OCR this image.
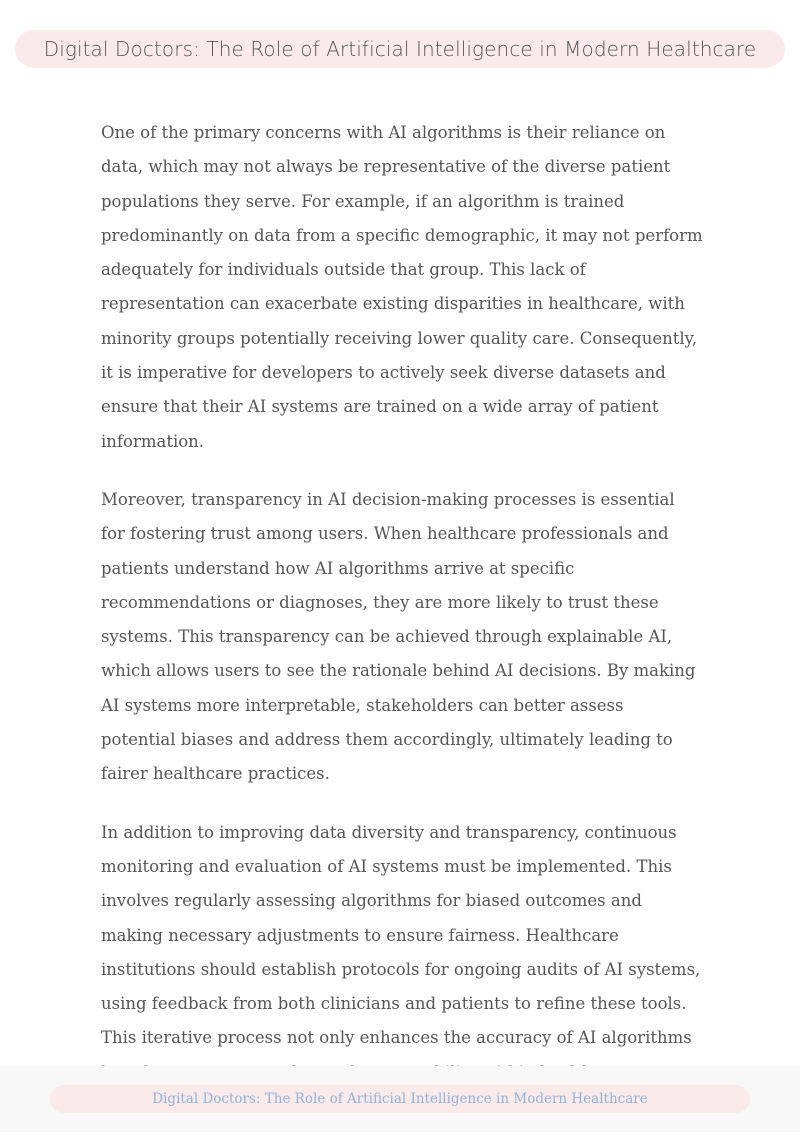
Digital Doctors: The Role of Artificial Intelligence in Modern Healthcare

One of the primary concerns with AI algorithms is their reliance on data, which may not always be representative of the diverse patient populations they serve. For example, if an algorithm is trained predominantly on data from a specific demographic, it may not perform adequately for individuals outside that group. This lack of representation can exacerbate existing disparities in healthcare, with minority groups potentially receiving lower quality care. Consequently, it is imperative for developers to actively seek diverse datasets and ensure that their AI systems are trained on a wide array of patient information.

Moreover, transparency in AI decision-making processes is essential for fostering trust among users. When healthcare professionals and patients understand how AI algorithms arrive at specific recommendations or diagnoses, they are more likely to trust these systems. This transparency can be achieved through explainable AI, which allows users to see the rationale behind AI decisions. By making AI systems more interpretable, stakeholders can better assess potential biases and address them accordingly, ultimately leading to fairer healthcare practices.

In addition to improving data diversity and transparency, continuous monitoring and evaluation of AI systems must be implemented. This involves regularly assessing algorithms for biased outcomes and making necessary adjustments to ensure fairness. Healthcare institutions should establish protocols for ongoing audits of AI systems, using feedback from both clinicians and patients to refine these tools. This iterative process not only enhances the accuracy of AI algorithms

Digital Doctors: The Role of Artificial Intelligence in Modern Healthcare
